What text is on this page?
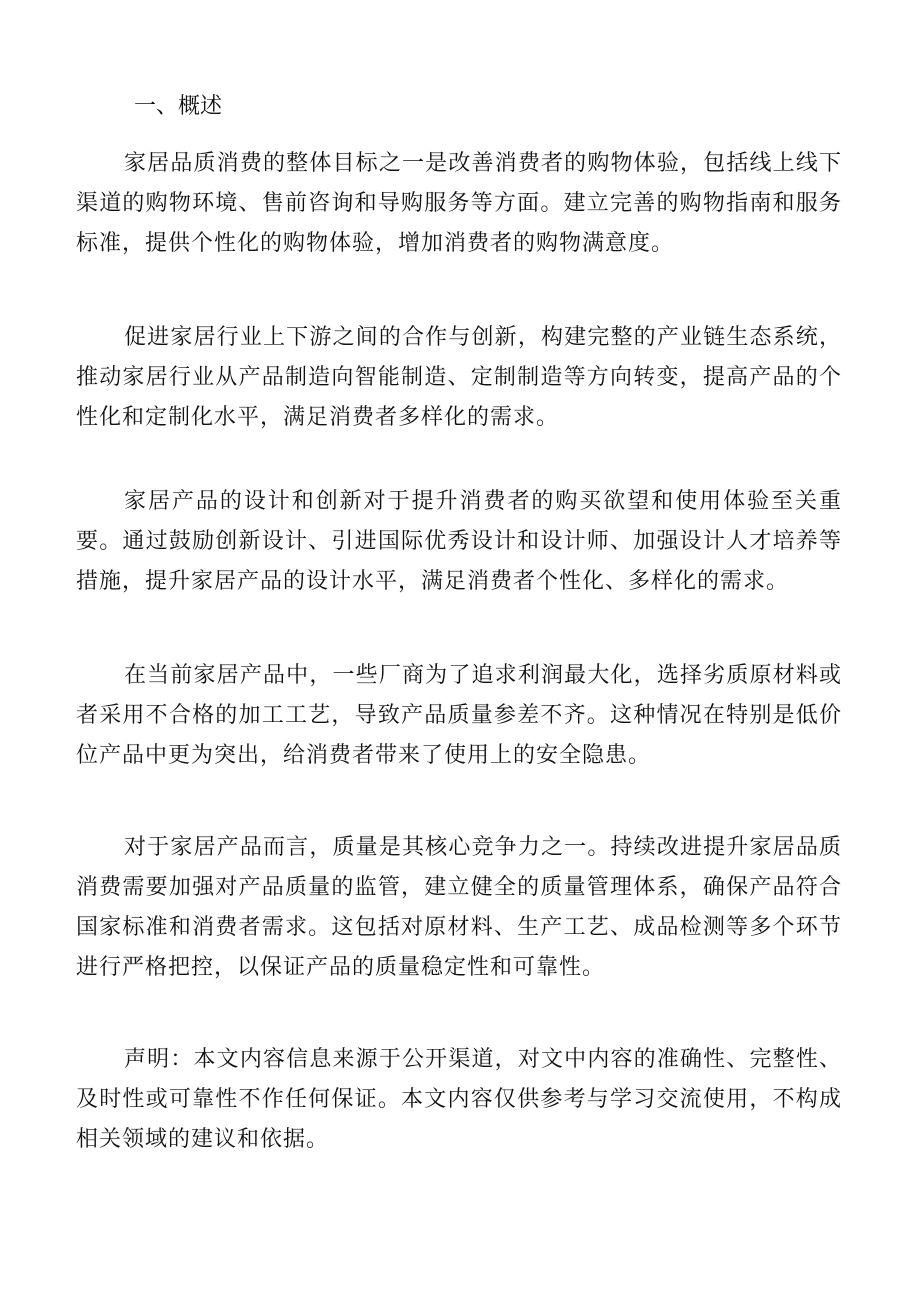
一、概述

家居品质消费的整体目标之一是改善消费者的购物体验，包括线上线下渠道的购物环境、售前咨询和导购服务等方面。建立完善的购物指南和服务标准，提供个性化的购物体验，增加消费者的购物满意度。

促进家居行业上下游之间的合作与创新，构建完整的产业链生态系统，推动家居行业从产品制造向智能制造、定制制造等方向转变，提高产品的个性化和定制化水平，满足消费者多样化的需求。

家居产品的设计和创新对于提升消费者的购买欲望和使用体验至关重要。通过鼓励创新设计、引进国际优秀设计和设计师、加强设计人才培养等措施，提升家居产品的设计水平，满足消费者个性化、多样化的需求。

在当前家居产品中，一些厂商为了追求利润最大化，选择劣质原材料或者采用不合格的加工工艺，导致产品质量参差不齐。这种情况在特别是低价位产品中更为突出，给消费者带来了使用上的安全隐患。

对于家居产品而言，质量是其核心竞争力之一。持续改进提升家居品质消费需要加强对产品质量的监管，建立健全的质量管理体系，确保产品符合国家标准和消费者需求。这包括对原材料、生产工艺、成品检测等多个环节进行严格把控，以保证产品的质量稳定性和可靠性。

声明：本文内容信息来源于公开渠道，对文中内容的准确性、完整性、及时性或可靠性不作任何保证。本文内容仅供参考与学习交流使用，不构成相关领域的建议和依据。
